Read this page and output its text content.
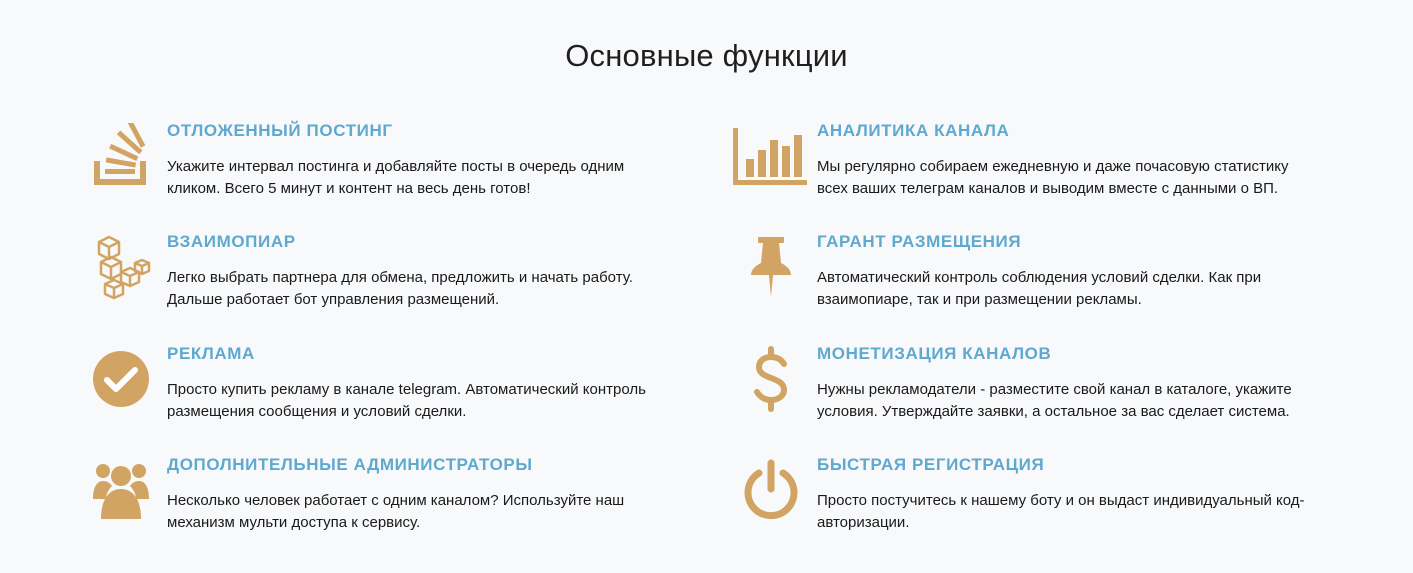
Основные функции

ОТЛОЖЕННЫЙ ПОСТИНГ

Укажите интервал постинга и добавляйте посты в очередь одним
кликом. Всего 5 минут и контент на весь день готов!

АНАЛИТИКА КАНАЛА

Мы регулярно собираем ежедневную и даже почасовую статистику
всех ваших телеграм каналов и выводим вместе с данными о ВП.

ВЗАИМОПИАР

Легко выбрать партнера для обмена, предложить и начать работу.
Дальше работает бот управления размещений.

ГАРАНТ РАЗМЕЩЕНИЯ

Автоматический контроль соблюдения условий сделки. Как при
взаимопиаре, так и при размещении рекламы.

РЕКЛАМА

Просто купить рекламу в канале telegram. Автоматический контроль
размещения сообщения и условий сделки.

МОНЕТИЗАЦИЯ КАНАЛОВ

Нужны рекламодатели - разместите свой канал в каталоге, укажите
условия. Утверждайте заявки, а остальное за вас сделает система.

ДОПОЛНИТЕЛЬНЫЕ АДМИНИСТРАТОРЫ

Несколько человек работает с одним каналом? Используйте наш
механизм мульти доступа к сервису.

БЫСТРАЯ РЕГИСТРАЦИЯ

Просто постучитесь к нашему боту и он выдаст индивидуальный код-
авторизации.
